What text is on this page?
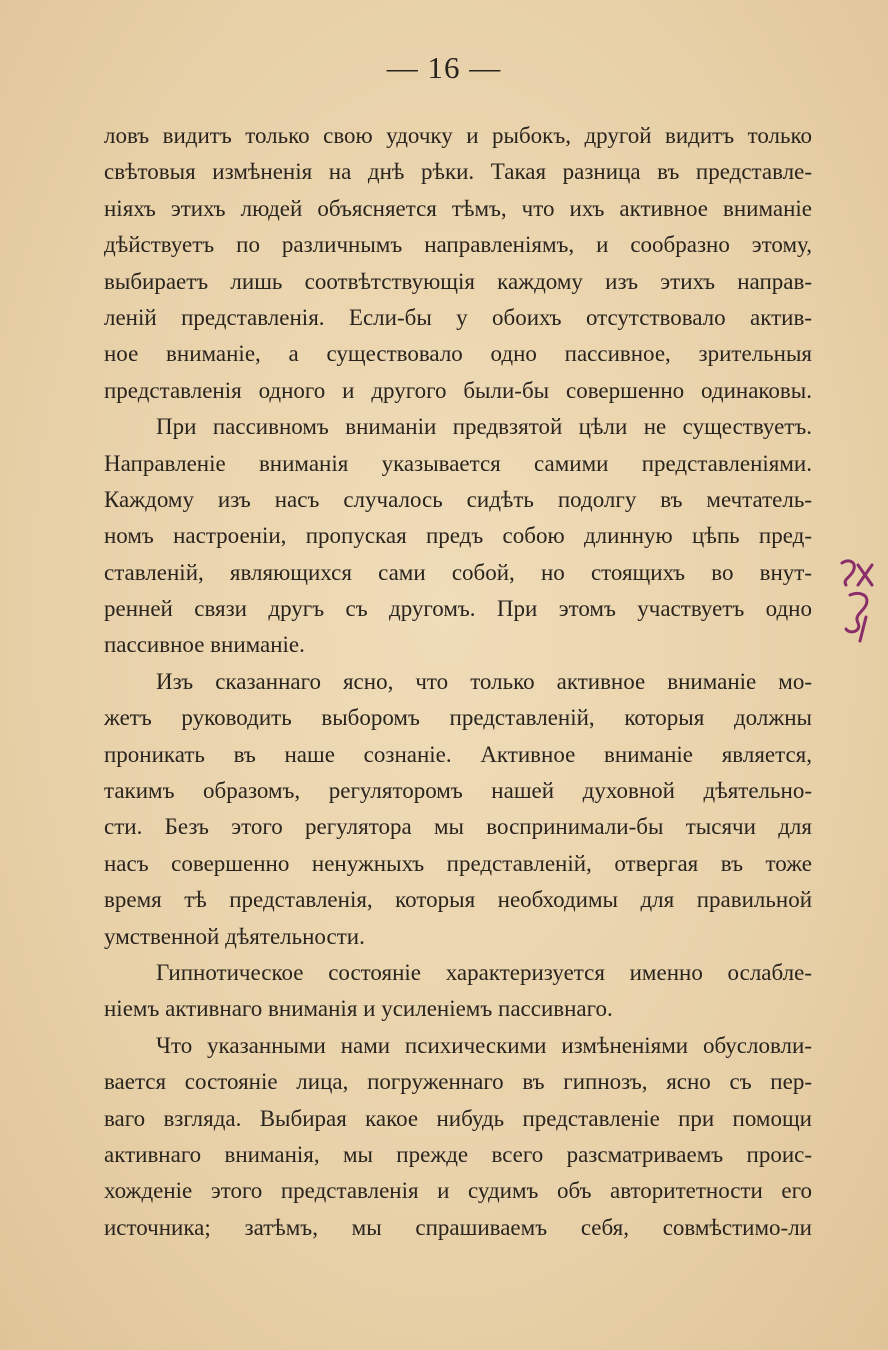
— 16 —
ловъ видитъ только свою удочку и рыбокъ, другой видитъ только
свѣтовыя измѣненія на днѣ рѣки. Такая разница въ представле-
ніяхъ этихъ людей объясняется тѣмъ, что ихъ активное вниманіе
дѣйствуетъ по различнымъ направленіямъ, и сообразно этому,
выбираетъ лишь соотвѣтствующія каждому изъ этихъ направ-
леній представленія. Если-бы у обоихъ отсутствовало актив-
ное вниманіе, а существовало одно пассивное, зрительныя
представленія одного и другого были-бы совершенно одинаковы.
При пассивномъ вниманіи предвзятой цѣли не существуетъ.
Направленіе вниманія указывается самими представленіями.
Каждому изъ насъ случалось сидѣть подолгу въ мечтатель-
номъ настроеніи, пропуская предъ собою длинную цѣпь пред-
ставленій, являющихся сами собой, но стоящихъ во внут-
ренней связи другъ съ другомъ. При этомъ участвуетъ одно
пассивное вниманіе.
Изъ сказаннаго ясно, что только активное вниманіе мо-
жетъ руководить выборомъ представленій, которыя должны
проникать въ наше сознаніе. Активное вниманіе является,
такимъ образомъ, регуляторомъ нашей духовной дѣятельно-
сти. Безъ этого регулятора мы воспринимали-бы тысячи для
насъ совершенно ненужныхъ представленій, отвергая въ тоже
время тѣ представленія, которыя необходимы для правильной
умственной дѣятельности.
Гипнотическое состояніе характеризуется именно ослабле-
ніемъ активнаго вниманія и усиленіемъ пассивнаго.
Что указанными нами психическими измѣненіями обусловли-
вается состояніе лица, погруженнаго въ гипнозъ, ясно съ пер-
ваго взгляда. Выбирая какое нибудь представленіе при помощи
активнаго вниманія, мы прежде всего разсматриваемъ проис-
хожденіе этого представленія и судимъ объ авторитетности его
источника; затѣмъ, мы спрашиваемъ себя, совмѣстимо-ли
